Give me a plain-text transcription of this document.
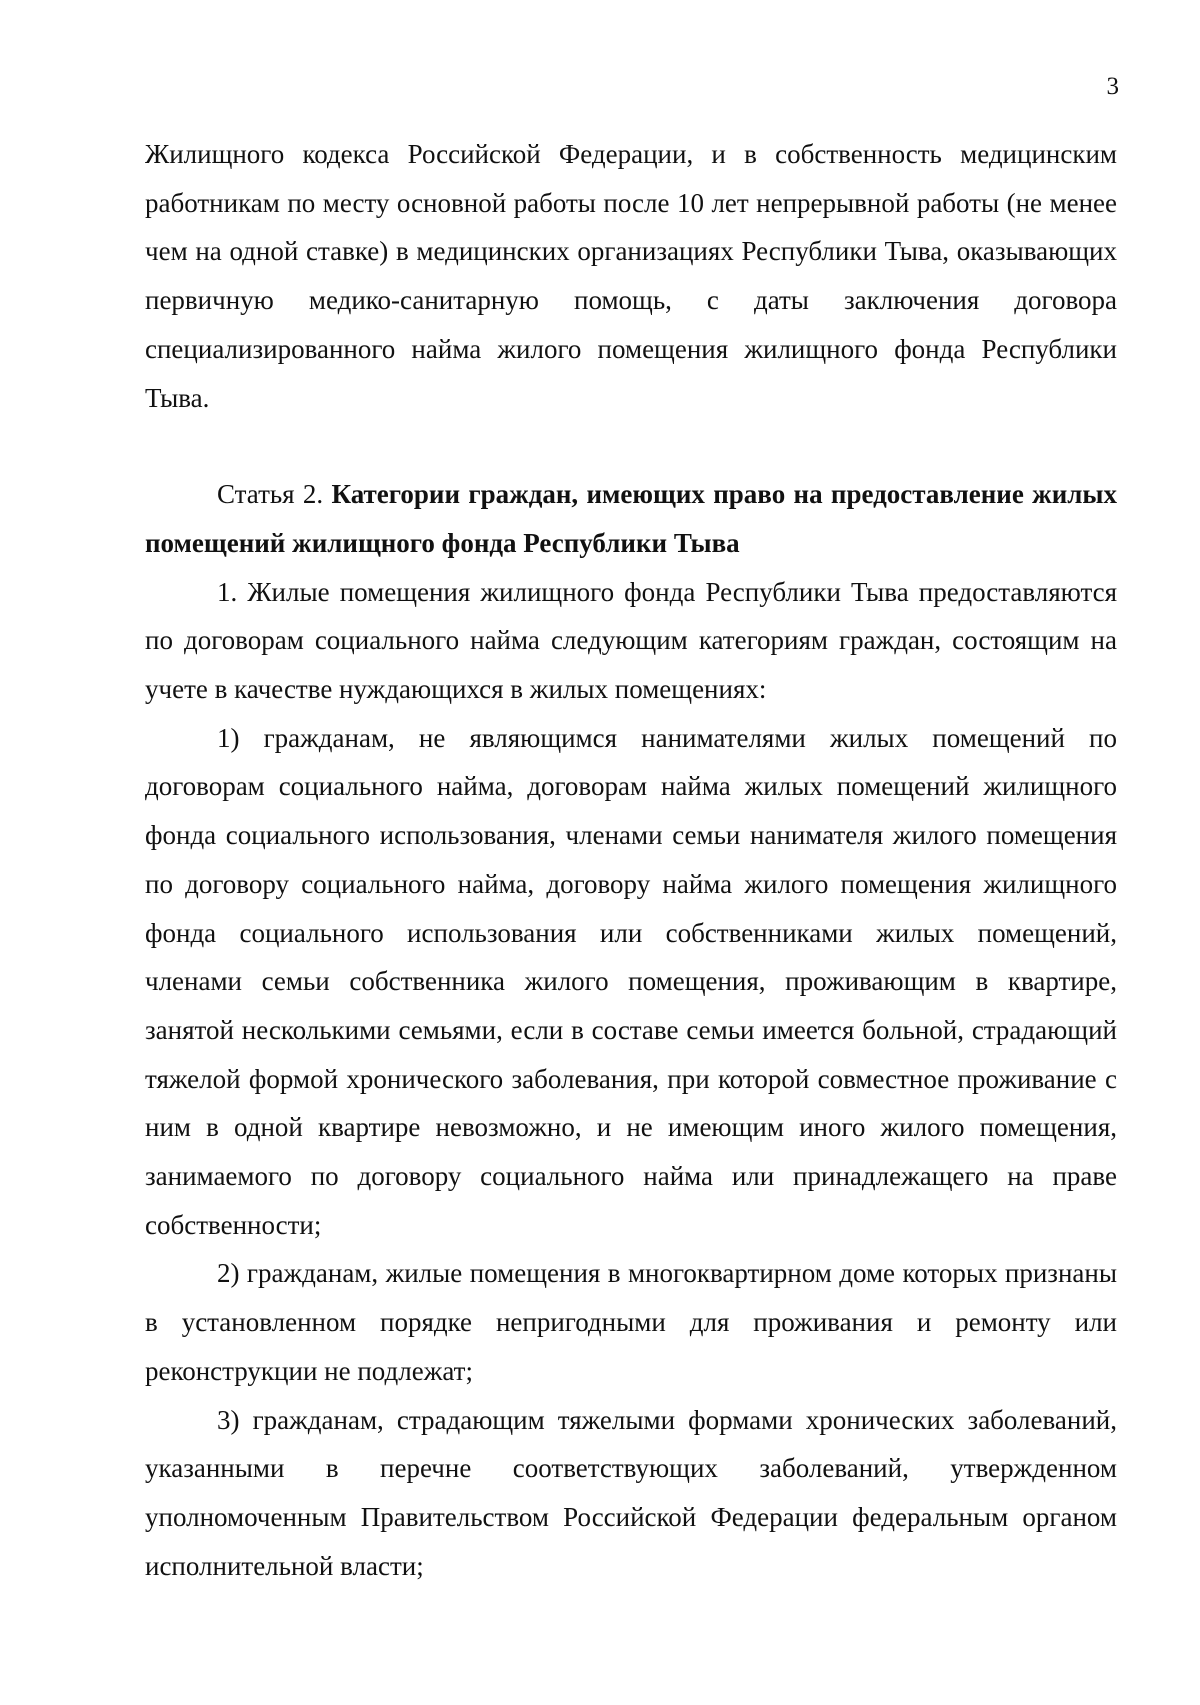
3

Жилищного кодекса Российской Федерации, и в собственность медицинским работникам по месту основной работы после 10 лет непрерывной работы (не менее чем на одной ставке) в медицинских организациях Республики Тыва, оказывающих первичную медико-санитарную помощь, с даты заключения договора специализированного найма жилого помещения жилищного фонда Республики Тыва.

Статья 2. Категории граждан, имеющих право на предоставление жилых помещений жилищного фонда Республики Тыва

1. Жилые помещения жилищного фонда Республики Тыва предоставляются по договорам социального найма следующим категориям граждан, состоящим на учете в качестве нуждающихся в жилых помещениях:

1) гражданам, не являющимся нанимателями жилых помещений по договорам социального найма, договорам найма жилых помещений жилищного фонда социального использования, членами семьи нанимателя жилого помещения по договору социального найма, договору найма жилого помещения жилищного фонда социального использования или собственниками жилых помещений, членами семьи собственника жилого помещения, проживающим в квартире, занятой несколькими семьями, если в составе семьи имеется больной, страдающий тяжелой формой хронического заболевания, при которой совместное проживание с ним в одной квартире невозможно, и не имеющим иного жилого помещения, занимаемого по договору социального найма или принадлежащего на праве собственности;

2) гражданам, жилые помещения в многоквартирном доме которых признаны в установленном порядке непригодными для проживания и ремонту или реконструкции не подлежат;

3) гражданам, страдающим тяжелыми формами хронических заболеваний, указанными в перечне соответствующих заболеваний, утвержденном уполномоченным Правительством Российской Федерации федеральным органом исполнительной власти;
